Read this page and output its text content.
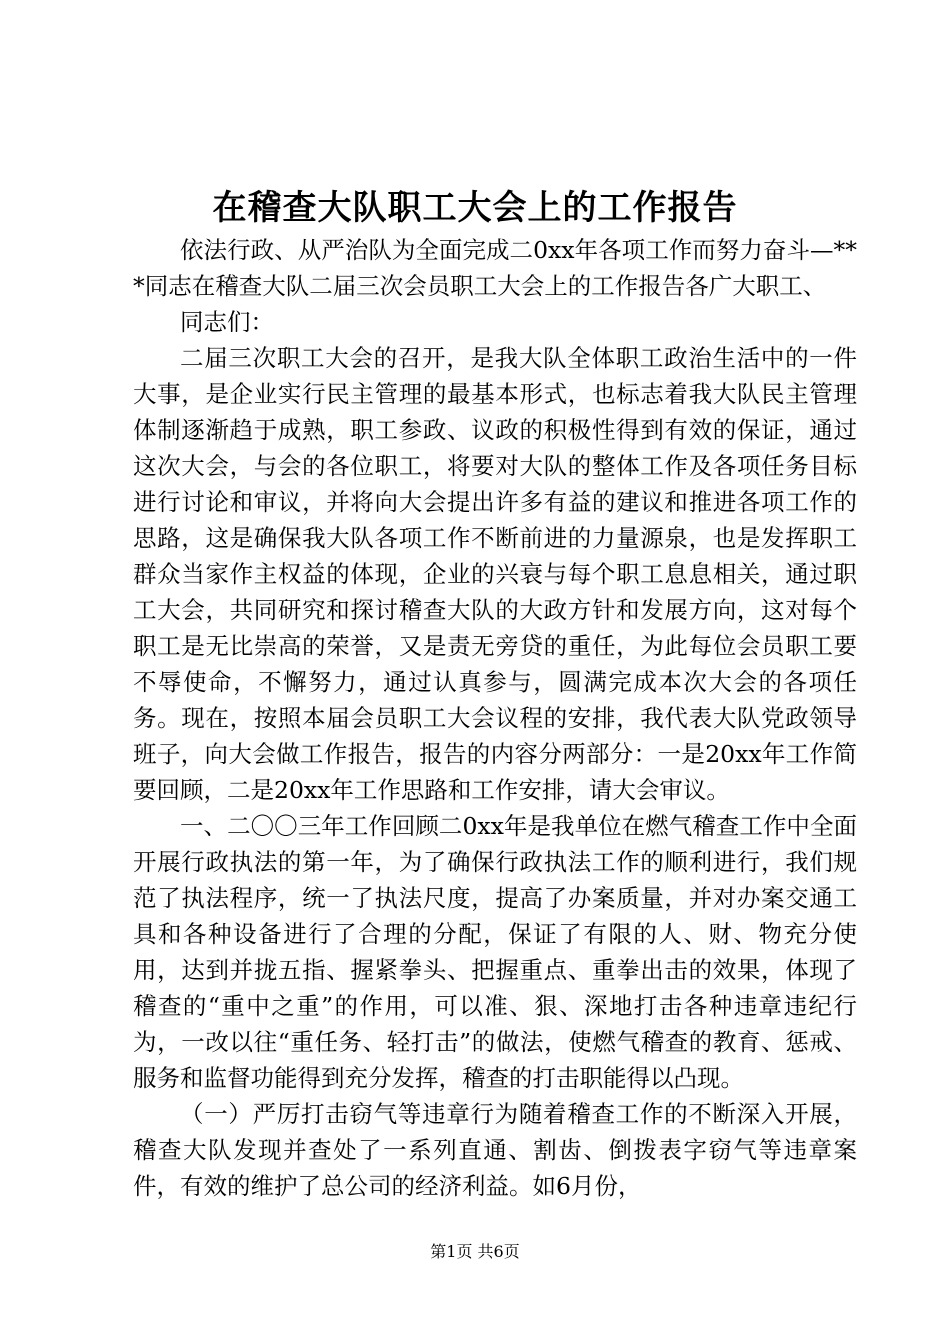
在稽查大队职工大会上的工作报告

依法行政、从严治队为全面完成二0xx年各项工作而努力奋斗—***同志在稽查大队二届三次会员职工大会上的工作报告各广大职工、

同志们：

二届三次职工大会的召开，是我大队全体职工政治生活中的一件大事，是企业实行民主管理的最基本形式，也标志着我大队民主管理体制逐渐趋于成熟，职工参政、议政的积极性得到有效的保证，通过这次大会，与会的各位职工，将要对大队的整体工作及各项任务目标进行讨论和审议，并将向大会提出许多有益的建议和推进各项工作的思路，这是确保我大队各项工作不断前进的力量源泉，也是发挥职工群众当家作主权益的体现，企业的兴衰与每个职工息息相关，通过职工大会，共同研究和探讨稽查大队的大政方针和发展方向，这对每个职工是无比崇高的荣誉，又是责无旁贷的重任，为此每位会员职工要不辱使命，不懈努力，通过认真参与，圆满完成本次大会的各项任务。现在，按照本届会员职工大会议程的安排，我代表大队党政领导班子，向大会做工作报告，报告的内容分两部分：一是20xx年工作简要回顾，二是20xx年工作思路和工作安排，请大会审议。

一、二〇〇三年工作回顾二0xx年是我单位在燃气稽查工作中全面开展行政执法的第一年，为了确保行政执法工作的顺利进行，我们规范了执法程序，统一了执法尺度，提高了办案质量，并对办案交通工具和各种设备进行了合理的分配，保证了有限的人、财、物充分使用，达到并拢五指、握紧拳头、把握重点、重拳出击的效果，体现了稽查的“重中之重”的作用，可以准、狠、深地打击各种违章违纪行为，一改以往“重任务、轻打击”的做法，使燃气稽查的教育、惩戒、服务和监督功能得到充分发挥，稽查的打击职能得以凸现。

（一）严厉打击窃气等违章行为随着稽查工作的不断深入开展，稽查大队发现并查处了一系列直通、割齿、倒拨表字窃气等违章案件，有效的维护了总公司的经济利益。如6月份，

第1页 共6页
